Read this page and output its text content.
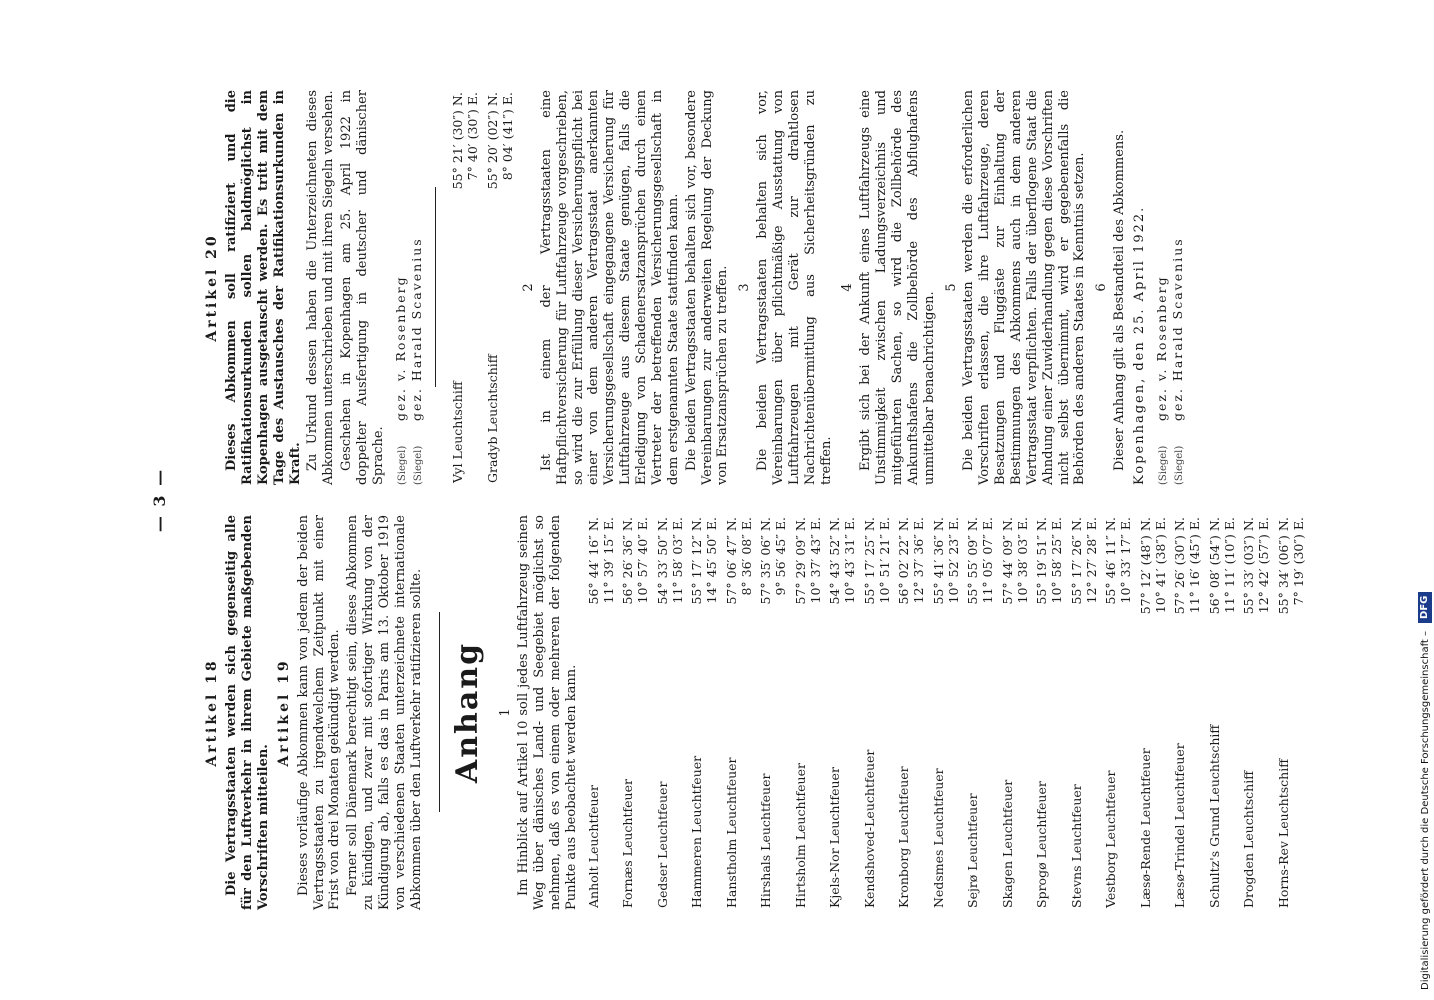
— 3 —
Artikel 18 Die Vertragsstaaten werden sich gegenseitig alle für den Luftverkehr in ihrem Gebiete maßgebenden Vorschriften mitteilen.

Artikel 19 Dieses vorläufige Abkommen kann von jedem der beiden Vertragsstaaten zu irgendwelchem Zeitpunkt mit einer Frist von drei Monaten gekündigt werden. Ferner soll Dänemark berechtigt sein, dieses Abkommen zu kündigen, und zwar mit sofortiger Wirkung von der Kündigung ab, falls es das in Paris am 13. Oktober 1919 von verschiedenen Staaten unterzeichnete internationale Abkommen über den Luftverkehr ratifizieren sollte. Anhang 1 Im Hinblick auf Artikel 10 soll jedes Luftfahrzeug seinen Weg über dänisches Land- und Seegebiet möglichst so nehmen, daß es von einem oder mehreren der folgenden Punkte aus beobachtet werden kann. Anholt Leuchtfeuer	56° 44′ 16″ N.
	11° 39′ 15″ E.
Fornæs Leuchtfeuer	56° 26′ 36″ N.
	10° 57′ 40″ E.
Gedser Leuchtfeuer	54° 33′ 50″ N.
	11° 58′ 03″ E.
Hammeren Leuchtfeuer	55° 17′ 12″ N.
	14° 45′ 50″ E.
Hanstholm Leuchtfeuer	57° 06′ 47″ N.
	8° 36′ 08″ E.
Hirshals Leuchtfeuer	57° 35′ 06″ N.
	9° 56′ 45″ E.
Hirtsholm Leuchtfeuer	57° 29′ 09″ N.
	10° 37′ 43″ E.
Kjels-Nor Leuchtfeuer	54° 43′ 52″ N.
	10° 43′ 31″ E.
Kendshoved-Leuchtfeuer	55° 17′ 25″ N.
	10° 51′ 21″ E.
Kronborg Leuchtfeuer	56° 02′ 22″ N.
	12° 37′ 36″ E.
Nedsmes Leuchtfeuer	55° 41′ 36″ N.
	10° 52′ 23″ E.
Sejrø Leuchtfeuer	55° 55′ 09″ N.
	11° 05′ 07″ E.
Skagen Leuchtfeuer	57° 44′ 09″ N.
	10° 38′ 03″ E.
Sprogø Leuchtfeuer	55° 19′ 51″ N.
	10° 58′ 25″ E.
Stevns Leuchtfeuer	55° 17′ 26″ N.
	12° 27′ 28″ E.
Vestborg Leuchtfeuer	55° 46′ 11″ N.
	10° 33′ 17″ E.
Læsø-Rende Leuchtfeuer	57° 12′ (48″) N.
	10° 41′ (38″) E.
Læsø-Trindel Leuchtfeuer	57° 26′ (30″) N.
	11° 16′ (45″) E.
Schultz's Grund Leuchtschiff	56° 08′ (54″) N.
	11° 11′ (10″) E.
Drogden Leuchtschiff	55° 33′ (03″) N.
	12° 42′ (57″) E.
Horns-Rev Leuchtschiff	55° 34′ (06″) N.
	7° 19′ (30″) E.
Artikel 20 Dieses Abkommen soll ratifiziert und die Ratifikationsurkunden sollen baldmöglichst in Kopenhagen ausgetauscht werden. Es tritt mit dem Tage des Austausches der Ratifikationsurkunden in Kraft. Zu Urkund dessen haben die Unterzeichneten dieses Abkommen unterschrieben und mit ihren Siegeln versehen. Geschehen in Kopenhagen am 25. April 1922 in doppelter Ausfertigung in deutscher und dänischer Sprache.	(Siegel) gez. v. Rosenberg
(Siegel) gez. Harald Scavenius
Vyl Leuchtschiff	55° 21′ (30″) N.
	7° 40′ (30″) E.
Gradyb Leuchtschiff	55° 20′ (02″) N.
	8° 04′ (41″) E.
2 Ist in einem der Vertragsstaaten eine Haftpflichtversicherung für Luftfahrzeuge vorgeschrieben, so wird die zur Erfüllung dieser Versicherungspflicht bei einer von dem anderen Vertragsstaat anerkannten Versicherungsgesellschaft eingegangene Versicherung für Luftfahrzeuge aus diesem Staate genügen, falls die Erledigung von Schadenersatzansprüchen durch einen Vertreter der betreffenden Versicherungsgesellschaft in dem erstgenannten Staate stattfinden kann. Die beiden Vertragsstaaten behalten sich vor, besondere Vereinbarungen zur anderweiten Regelung der Deckung von Ersatzansprüchen zu treffen. 3 Die beiden Vertragsstaaten behalten sich vor, Vereinbarungen über pflichtmäßige Ausstattung von Luftfahrzeugen mit Gerät zur drahtlosen Nachrichtenübermittlung aus Sicherheitsgründen zu treffen.

4 Ergibt sich bei der Ankunft eines Luftfahrzeugs eine Unstimmigkeit zwischen Ladungsverzeichnis und mitgeführten Sachen, so wird die Zollbehörde des Ankunftshafens die Zollbehörde des Abflughafens unmittelbar benachrichtigen.

5 Die beiden Vertragsstaaten werden die erforderlichen Vorschriften erlassen, die ihre Luftfahrzeuge, deren Besatzungen und Fluggäste zur Einhaltung der Bestimmungen des Abkommens auch in dem anderen Vertragsstaat verpflichten. Falls der überflogene Staat die Ahndung einer Zuwiderhandlung gegen diese Vorschriften nicht selbst übernimmt, wird er gegebenenfalls die Behörden des anderen Staates in Kenntnis setzen. 6 Dieser Anhang gilt als Bestandteil des Abkommens. Kopenhagen, den 25. April 1922.	(Siegel) gez. v. Rosenberg
(Siegel) gez. Harald Scavenius
Digitalisierung gefördert durch die Deutsche Forschungsgemeinschaft –
DFG
